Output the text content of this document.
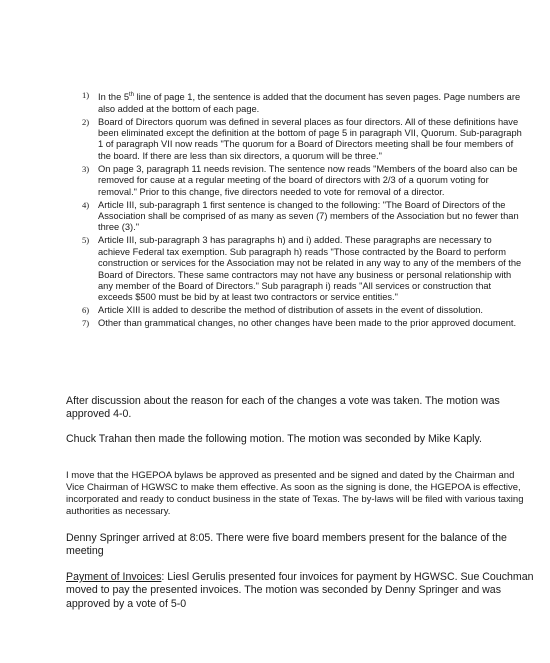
1) In the 5th line of page 1, the sentence is added that the document has seven pages. Page numbers are also added at the bottom of each page.
2) Board of Directors quorum was defined in several places as four directors. All of these definitions have been eliminated except the definition at the bottom of page 5 in paragraph VII, Quorum. Sub-paragraph 1 of paragraph VII now reads "The quorum for a Board of Directors meeting shall be four members of the board. If there are less than six directors, a quorum will be three."
3) On page 3, paragraph 11 needs revision. The sentence now reads "Members of the board also can be removed for cause at a regular meeting of the board of directors with 2/3 of a quorum voting for removal." Prior to this change, five directors needed to vote for removal of a director.
4) Article III, sub-paragraph 1 first sentence is changed to the following: "The Board of Directors of the Association shall be comprised of as many as seven (7) members of the Association but no fewer than three (3)."
5) Article III, sub-paragraph 3 has paragraphs h) and i) added. These paragraphs are necessary to achieve Federal tax exemption. Sub paragraph h) reads "Those contracted by the Board to perform construction or services for the Association may not be related in any way to any of the members of the Board of Directors. These same contractors may not have any business or personal relationship with any member of the Board of Directors." Sub paragraph i) reads "All services or construction that exceeds $500 must be bid by at least two contractors or service entities."
6) Article XIII is added to describe the method of distribution of assets in the event of dissolution.
7) Other than grammatical changes, no other changes have been made to the prior approved document.

After discussion about the reason for each of the changes a vote was taken. The motion was approved 4-0.

Chuck Trahan then made the following motion. The motion was seconded by Mike Kaply.

I move that the HGEPOA bylaws be approved as presented and be signed and dated by the Chairman and Vice Chairman of HGWSC to make them effective. As soon as the signing is done, the HGEPOA is effective, incorporated and ready to conduct business in the state of Texas. The by-laws will be filed with various taxing authorities as necessary.

Denny Springer arrived at 8:05. There were five board members present for the balance of the meeting

Payment of Invoices: Liesl Gerulis presented four invoices for payment by HGWSC. Sue Couchman moved to pay the presented invoices. The motion was seconded by Denny Springer and was approved by a vote of 5-0
